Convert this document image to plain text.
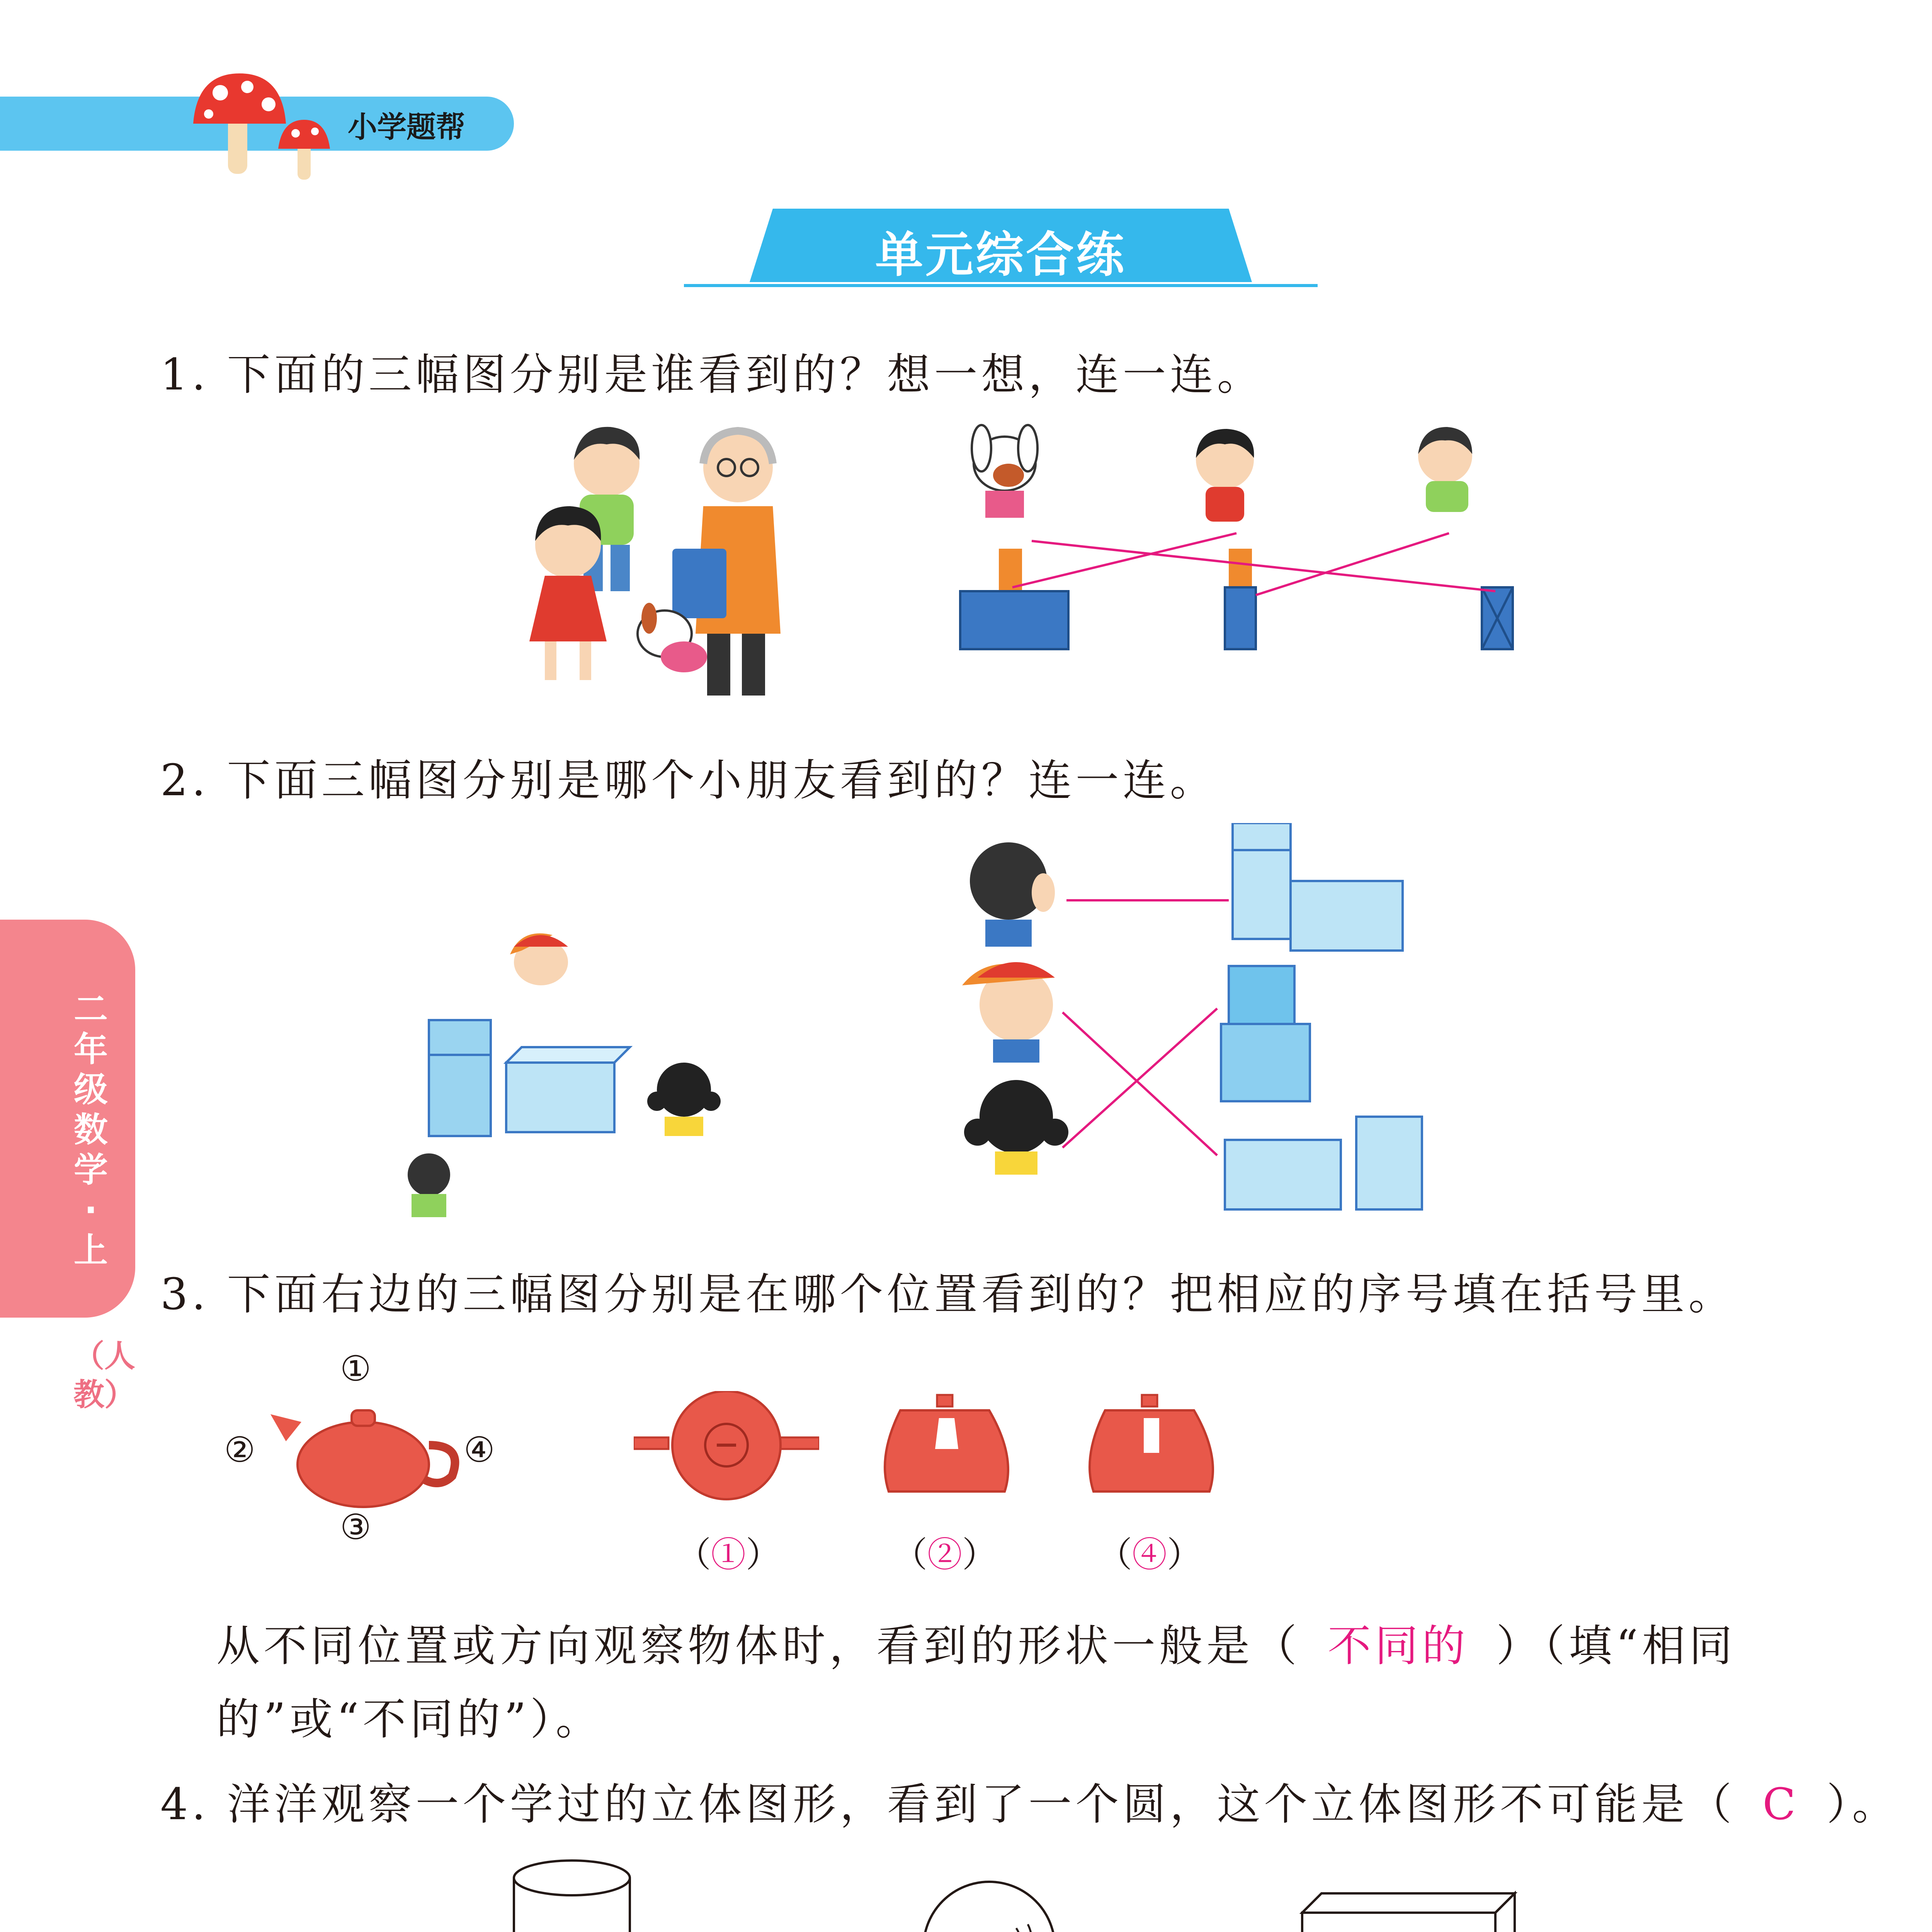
小学题帮
单元综合练
二年级数学·上
（人教）
1. 下面的三幅图分别是谁看到的？想一想，连一连。
2. 下面三幅图分别是哪个小朋友看到的？连一连。
3. 下面右边的三幅图分别是在哪个位置看到的？把相应的序号填在括号里。
①
②
③
④
（①）	（②）	（④）
从不同位置或方向观察物体时，看到的形状一般是（ 不同的 ）（填“相同
的”或“不同的”）。
4. 洋洋观察一个学过的立体图形，看到了一个圆，这个立体图形不可能是（ C ）。
